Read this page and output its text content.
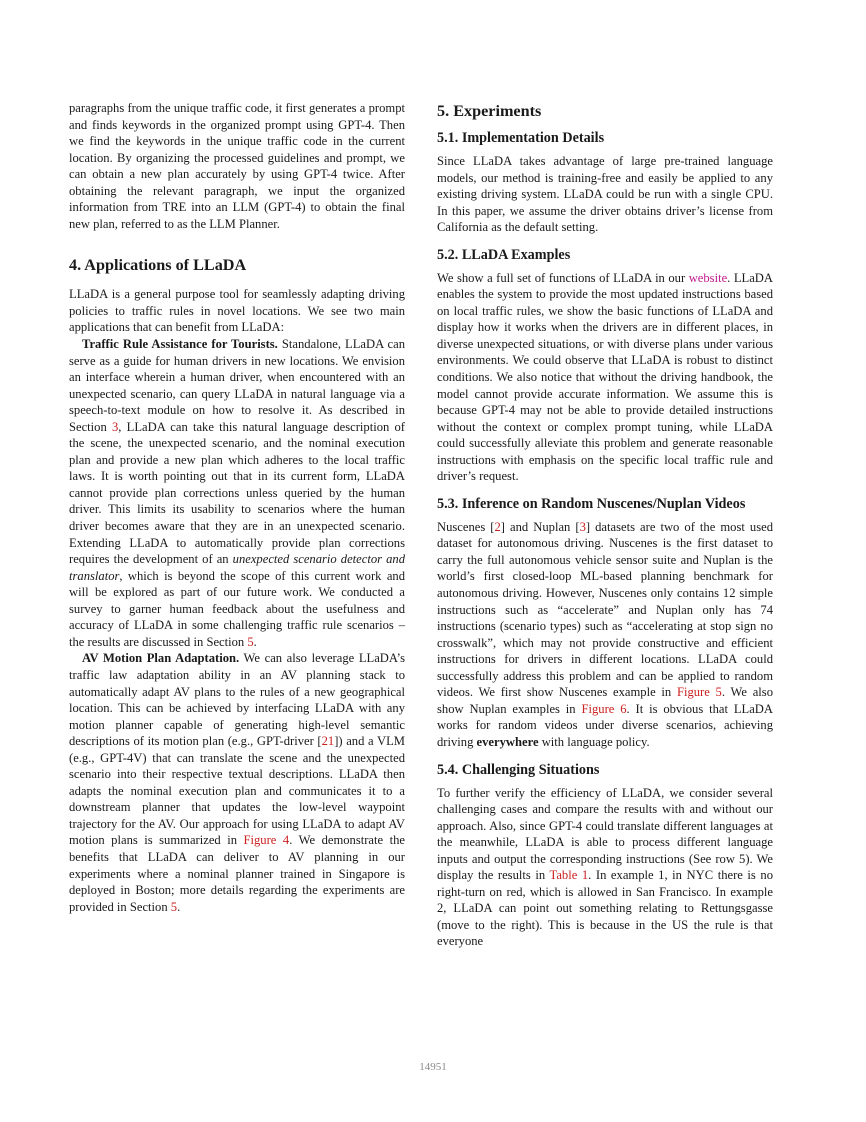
paragraphs from the unique traffic code, it first generates a prompt and finds keywords in the organized prompt using GPT-4. Then we find the keywords in the unique traffic code in the current location. By organizing the processed guidelines and prompt, we can obtain a new plan accurately by using GPT-4 twice. After obtaining the relevant paragraph, we input the organized information from TRE into an LLM (GPT-4) to obtain the final new plan, referred to as the LLM Planner.

4. Applications of LLaDA

LLaDA is a general purpose tool for seamlessly adapting driving policies to traffic rules in novel locations. We see two main applications that can benefit from LLaDA:

Traffic Rule Assistance for Tourists. Standalone, LLaDA can serve as a guide for human drivers in new locations. We envision an interface wherein a human driver, when encountered with an unexpected scenario, can query LLaDA in natural language via a speech-to-text module on how to resolve it. As described in Section 3, LLaDA can take this natural language description of the scene, the unexpected scenario, and the nominal execution plan and provide a new plan which adheres to the local traffic laws. It is worth pointing out that in its current form, LLaDA cannot provide plan corrections unless queried by the human driver. This limits its usability to scenarios where the human driver becomes aware that they are in an unexpected scenario. Extending LLaDA to automatically provide plan corrections requires the development of an unexpected scenario detector and translator, which is beyond the scope of this current work and will be explored as part of our future work. We conducted a survey to garner human feedback about the usefulness and accuracy of LLaDA in some challenging traffic rule scenarios – the results are discussed in Section 5.

AV Motion Plan Adaptation. We can also leverage LLaDA’s traffic law adaptation ability in an AV planning stack to automatically adapt AV plans to the rules of a new geographical location. This can be achieved by interfacing LLaDA with any motion planner capable of generating high-level semantic descriptions of its motion plan (e.g., GPT-driver [21]) and a VLM (e.g., GPT-4V) that can translate the scene and the unexpected scenario into their respective textual descriptions. LLaDA then adapts the nominal execution plan and communicates it to a downstream planner that updates the low-level waypoint trajectory for the AV. Our approach for using LLaDA to adapt AV motion plans is summarized in Figure 4. We demonstrate the benefits that LLaDA can deliver to AV planning in our experiments where a nominal planner trained in Singapore is deployed in Boston; more details regarding the experiments are provided in Section 5.

5. Experiments
5.1. Implementation Details

Since LLaDA takes advantage of large pre-trained language models, our method is training-free and easily be applied to any existing driving system. LLaDA could be run with a single CPU. In this paper, we assume the driver obtains driver’s license from California as the default setting.

5.2. LLaDA Examples

We show a full set of functions of LLaDA in our website. LLaDA enables the system to provide the most updated instructions based on local traffic rules, we show the basic functions of LLaDA and display how it works when the drivers are in different places, in diverse unexpected situations, or with diverse plans under various environments. We could observe that LLaDA is robust to distinct conditions. We also notice that without the driving handbook, the model cannot provide accurate information. We assume this is because GPT-4 may not be able to provide detailed instructions without the context or complex prompt tuning, while LLaDA could successfully alleviate this problem and generate reasonable instructions with emphasis on the specific local traffic rule and driver’s request.

5.3. Inference on Random Nuscenes/Nuplan Videos

Nuscenes [2] and Nuplan [3] datasets are two of the most used dataset for autonomous driving. Nuscenes is the first dataset to carry the full autonomous vehicle sensor suite and Nuplan is the world’s first closed-loop ML-based planning benchmark for autonomous driving. However, Nuscenes only contains 12 simple instructions such as “accelerate” and Nuplan only has 74 instructions (scenario types) such as “accelerating at stop sign no crosswalk”, which may not provide constructive and efficient instructions for drivers in different locations. LLaDA could successfully address this problem and can be applied to random videos. We first show Nuscenes example in Figure 5. We also show Nuplan examples in Figure 6. It is obvious that LLaDA works for random videos under diverse scenarios, achieving driving everywhere with language policy.

5.4. Challenging Situations

To further verify the efficiency of LLaDA, we consider several challenging cases and compare the results with and without our approach. Also, since GPT-4 could translate different languages at the meanwhile, LLaDA is able to process different language inputs and output the corresponding instructions (See row 5). We display the results in Table 1. In example 1, in NYC there is no right-turn on red, which is allowed in San Francisco. In example 2, LLaDA can point out something relating to Rettungsgasse (move to the right). This is because in the US the rule is that everyone

14951
